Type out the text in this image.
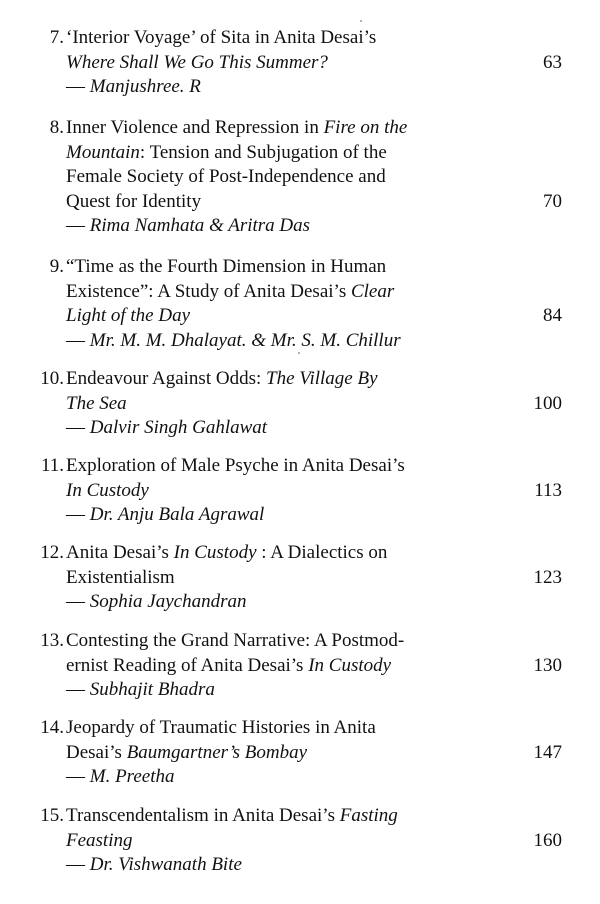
7. ‘Interior Voyage’ of Sita in Anita Desai’s
Where Shall We Go This Summer?
— Manjushree. R
63
8. Inner Violence and Repression in Fire on the
Mountain: Tension and Subjugation of the
Female Society of Post-Independence and
Quest for Identity
— Rima Namhata & Aritra Das
70
9. “Time as the Fourth Dimension in Human
Existence”: A Study of Anita Desai’s Clear
Light of the Day
— Mr. M. M. Dhalayat. & Mr. S. M. Chillur
84
10. Endeavour Against Odds: The Village By
The Sea
— Dalvir Singh Gahlawat
100
11. Exploration of Male Psyche in Anita Desai’s
In Custody
— Dr. Anju Bala Agrawal
113
12. Anita Desai’s In Custody : A Dialectics on
Existentialism
— Sophia Jaychandran
123
13. Contesting the Grand Narrative: A Postmod-
ernist Reading of Anita Desai’s In Custody
— Subhajit Bhadra
130
14. Jeopardy of Traumatic Histories in Anita
Desai’s Baumgartner’s Bombay
— M. Preetha
147
15. Transcendentalism in Anita Desai’s Fasting
Feasting
— Dr. Vishwanath Bite
160
